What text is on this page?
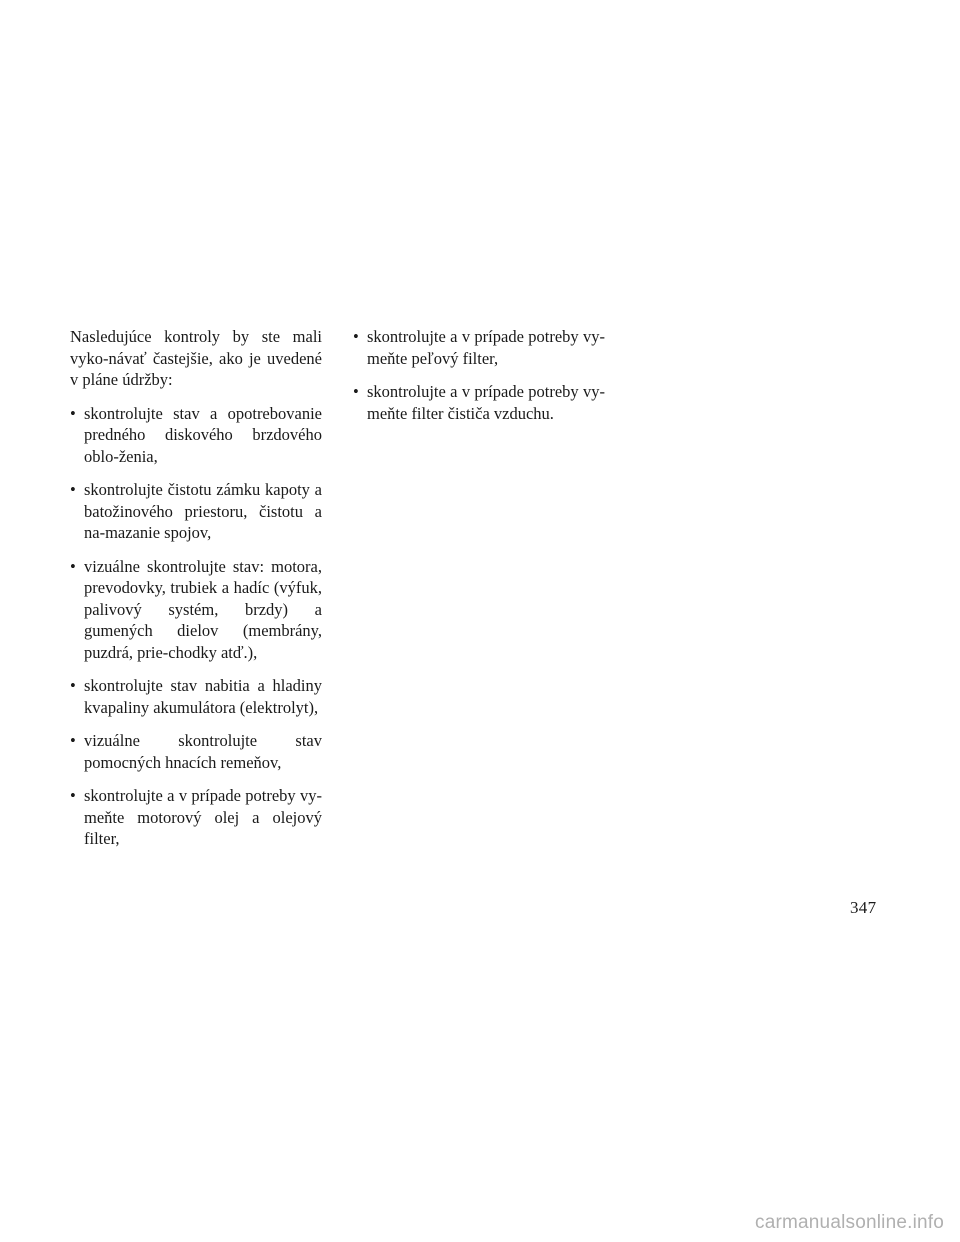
Nasledujúce kontroly by ste mali vyko-návať častejšie, ako je uvedené v pláne údržby:

• skontrolujte stav a opotrebovanie predného diskového brzdového oblo-ženia,
• skontrolujte čistotu zámku kapoty a batožinového priestoru, čistotu a na-mazanie spojov,
• vizuálne skontrolujte stav: motora, prevodovky, trubiek a hadíc (výfuk, palivový systém, brzdy) a gumených dielov (membrány, puzdrá, prie-chodky atď.),
• skontrolujte stav nabitia a hladiny kvapaliny akumulátora (elektrolyt),
• vizuálne skontrolujte stav pomocných hnacích remeňov,
• skontrolujte a v prípade potreby vy-meňte motorový olej a olejový filter,
• skontrolujte a v prípade potreby vy-meňte peľový filter,
• skontrolujte a v prípade potreby vy-meňte filter čističa vzduchu.
347
carmanualsonline.info
